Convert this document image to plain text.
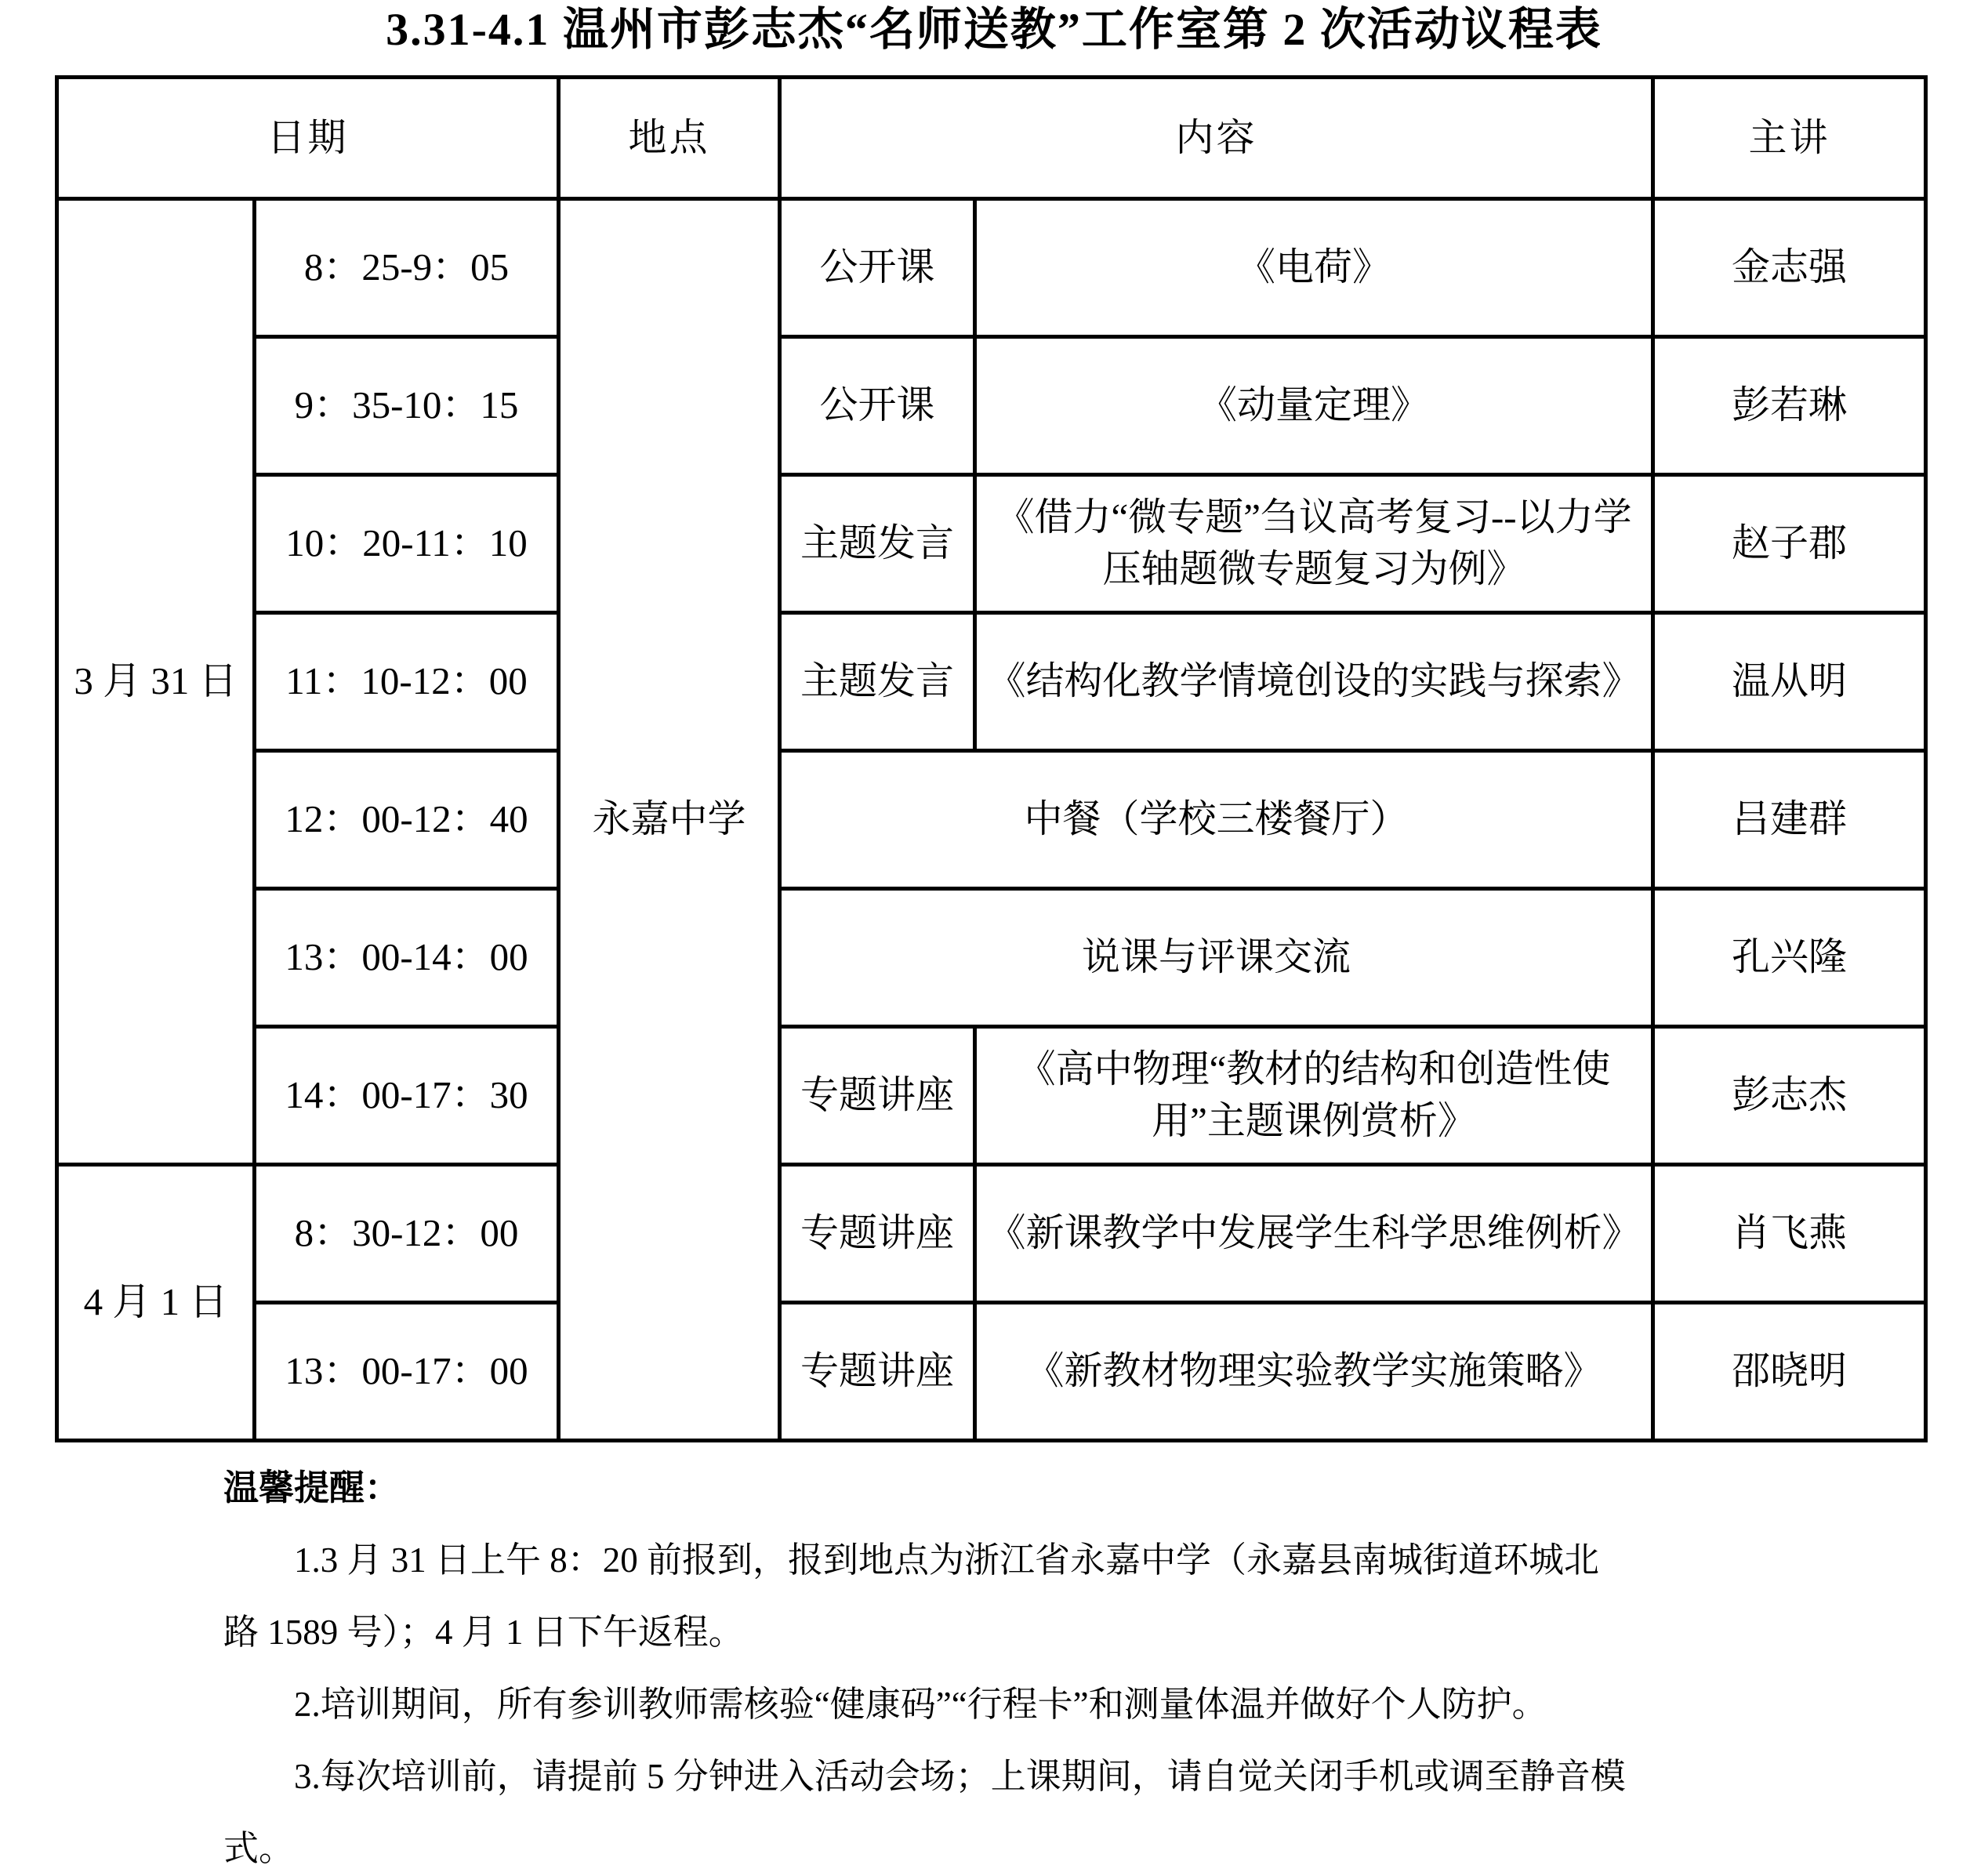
3.31-4.1 温州市彭志杰“名师送教”工作室第 2 次活动议程表
日期		地点	内容		主讲
3 月 31 日	8：25-9：05	永嘉中学	公开课	《电荷》	金志强
	9：35-10：15		公开课	《动量定理》	彭若琳
	10：20-11：10		主题发言	《借力“微专题”刍议高考复习--以力学压轴题微专题复习为例》	赵子郡
	11：10-12：00		主题发言	《结构化教学情境创设的实践与探索》	温从明
	12：00-12：40		中餐（学校三楼餐厅）		吕建群
	13：00-14：00		说课与评课交流		孔兴隆
	14：00-17：30		专题讲座	《高中物理“教材的结构和创造性使用”主题课例赏析》	彭志杰
4 月 1 日	8：30-12：00		专题讲座	《新课教学中发展学生科学思维例析》	肖飞燕
	13：00-17：00		专题讲座	《新教材物理实验教学实施策略》	邵晓明
温馨提醒：
1.3 月 31 日上午 8：20 前报到，报到地点为浙江省永嘉中学（永嘉县南城街道环城北
路 1589 号）；4 月 1 日下午返程。
2.培训期间，所有参训教师需核验“健康码”“行程卡”和测量体温并做好个人防护。
3.每次培训前，请提前 5 分钟进入活动会场；上课期间，请自觉关闭手机或调至静音模
式。
